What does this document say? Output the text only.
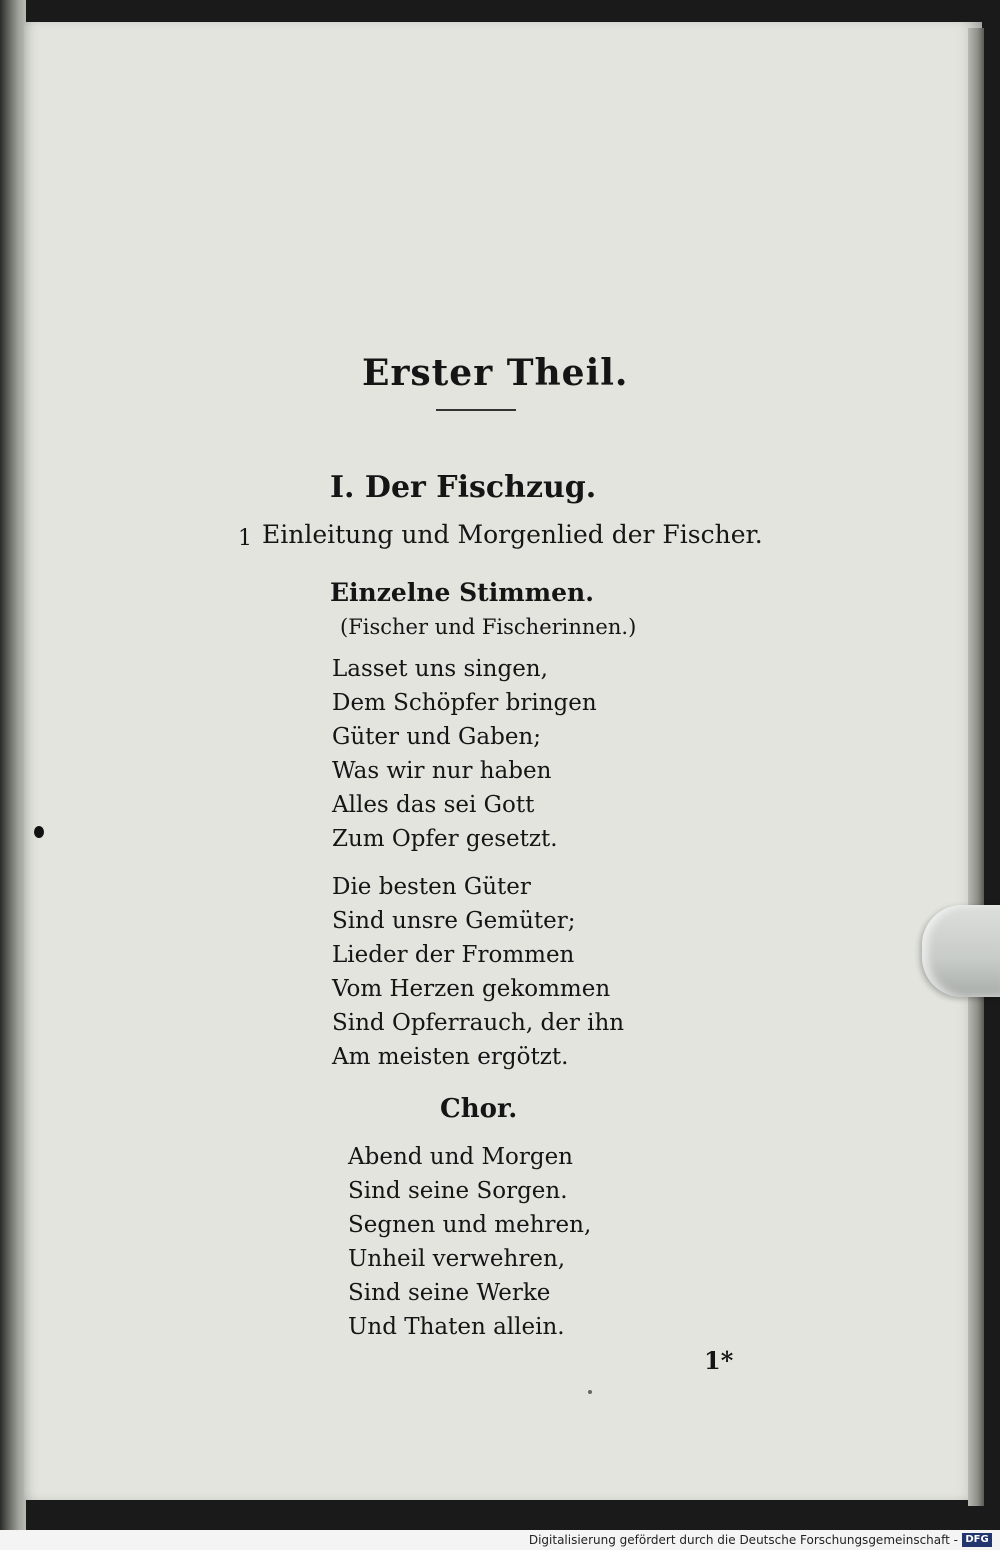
Erster Theil.
I. Der Fischzug.
1 Einleitung und Morgenlied der Fischer.
Einzelne Stimmen.
(Fischer und Fischerinnen.)
Lasset uns singen,
Dem Schöpfer bringen
Güter und Gaben;
Was wir nur haben
Alles das sei Gott
Zum Opfer gesetzt.
Die besten Güter
Sind unsre Gemüter;
Lieder der Frommen
Vom Herzen gekommen
Sind Opferrauch, der ihn
Am meisten ergötzt.
Chor.
Abend und Morgen
Sind seine Sorgen.
Segnen und mehren,
Unheil verwehren,
Sind seine Werke
Und Thaten allein.
1*
Digitalisierung gefördert durch die Deutsche Forschungsgemeinschaft - DFG
